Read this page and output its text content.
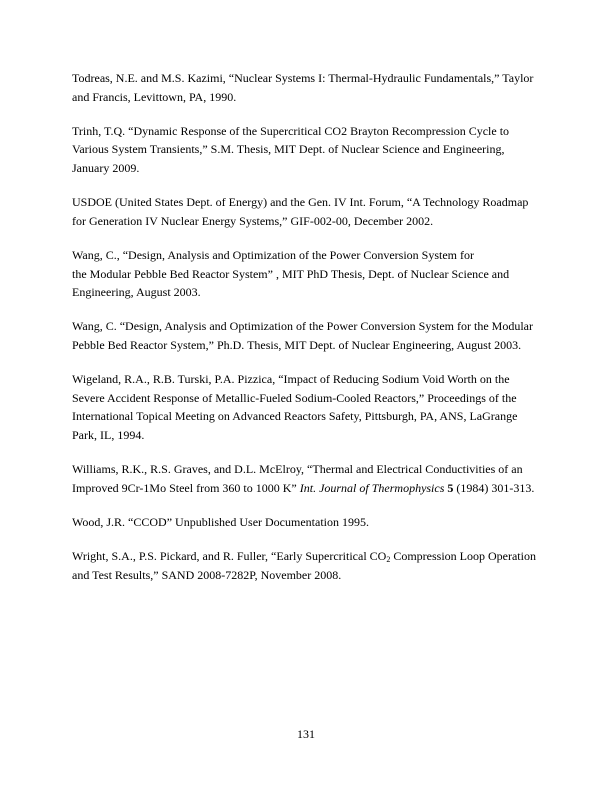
Todreas, N.E. and M.S. Kazimi, “Nuclear Systems I: Thermal-Hydraulic Fundamentals,” Taylor
and Francis, Levittown, PA, 1990.

Trinh, T.Q. “Dynamic Response of the Supercritical CO2 Brayton Recompression Cycle to
Various System Transients,” S.M. Thesis, MIT Dept. of Nuclear Science and Engineering,
January 2009.

USDOE (United States Dept. of Energy) and the Gen. IV Int. Forum, “A Technology Roadmap
for Generation IV Nuclear Energy Systems,” GIF-002-00, December 2002.

Wang, C., “Design, Analysis and Optimization of the Power Conversion System for
the Modular Pebble Bed Reactor System” , MIT PhD Thesis, Dept. of Nuclear Science and
Engineering, August 2003.

Wang, C. “Design, Analysis and Optimization of the Power Conversion System for the Modular
Pebble Bed Reactor System,” Ph.D. Thesis, MIT Dept. of Nuclear Engineering, August 2003.

Wigeland, R.A., R.B. Turski, P.A. Pizzica, “Impact of Reducing Sodium Void Worth on the
Severe Accident Response of Metallic-Fueled Sodium-Cooled Reactors,” Proceedings of the
International Topical Meeting on Advanced Reactors Safety, Pittsburgh, PA, ANS, LaGrange
Park, IL, 1994.

Williams, R.K., R.S. Graves, and D.L. McElroy, “Thermal and Electrical Conductivities of an
Improved 9Cr-1Mo Steel from 360 to 1000 K” Int. Journal of Thermophysics 5 (1984) 301-313.

Wood, J.R. “CCOD” Unpublished User Documentation 1995.

Wright, S.A., P.S. Pickard, and R. Fuller, “Early Supercritical $CO_2$ Compression Loop Operation
and Test Results,” SAND 2008-7282P, November 2008.

131
